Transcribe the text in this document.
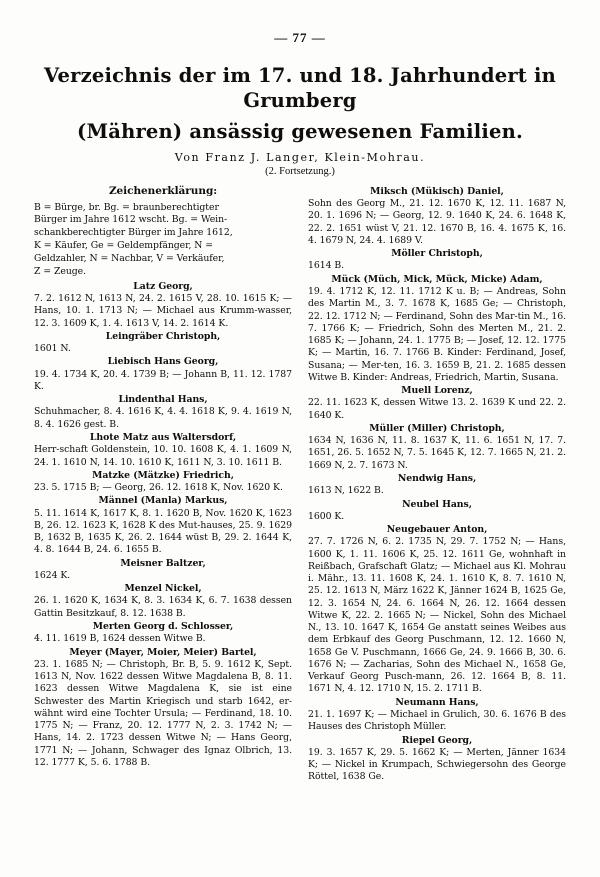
— 77 —
Verzeichnis der im 17. und 18. Jahrhundert in Grumberg
(Mähren) ansässig gewesenen Familien.
Von Franz J. Langer, Klein-Mohrau.
(2. Fortsetzung.)
Zeichenerklärung:
B = Bürge, br. Bg. = braunberechtigter
Bürger im Jahre 1612 wscht. Bg. = Wein-
schankberechtigter Bürger im Jahre 1612,
K = Käufer, Ge = Geldempfänger, N =
Geldzahler, N = Nachbar, V = Verkäufer,
Z = Zeuge.
Latz Georg,
7. 2. 1612 N, 1613 N, 24. 2. 1615 V, 28. 10. 1615 K; — Hans, 10. 1. 1713 N; — Michael aus Krumm-wasser, 12. 3. 1609 K, 1. 4. 1613 V, 14. 2. 1614 K.
Leingräber Christoph,
1601 N.
Liebisch Hans Georg,
19. 4. 1734 K, 20. 4. 1739 B; — Johann B, 11. 12. 1787 K.
Lindenthal Hans,
Schuhmacher, 8. 4. 1616 K, 4. 4. 1618 K, 9. 4. 1619 N, 8. 4. 1626 gest. B.
Lhote Matz aus Waltersdorf,
Herr-schaft Goldenstein, 10. 10. 1608 K, 4. 1. 1609 N, 24. 1. 1610 N, 14. 10. 1610 K, 1611 N, 3. 10. 1611 B.
Matzke (Mätzke) Friedrich,
23. 5. 1715 B; — Georg, 26. 12. 1618 K, Nov. 1620 K.
Männel (Manla) Markus,
5. 11. 1614 K, 1617 K, 8. 1. 1620 B, Nov. 1620 K, 1623 B, 26. 12. 1623 K, 1628 K des Mut-hauses, 25. 9. 1629 B, 1632 B, 1635 K, 26. 2. 1644 wüst B, 29. 2. 1644 K, 4. 8. 1644 B, 24. 6. 1655 B.
Meisner Baltzer,
1624 K.
Menzel Nickel,
26. 1. 1620 K, 1634 K, 8. 3. 1634 K, 6. 7. 1638 dessen Gattin Besitzkauf, 8. 12. 1638 B.
Merten Georg d. Schlosser,
4. 11. 1619 B, 1624 dessen Witwe B.
Meyer (Mayer, Moier, Meier) Bartel,
23. 1. 1685 N; — Christoph, Br. B, 5. 9. 1612 K, Sept. 1613 N, Nov. 1622 dessen Witwe Magdalena B, 8. 11. 1623 dessen Witwe Magdalena K, sie ist eine Schwester des Martin Kriegisch und starb 1642, er-wähnt wird eine Tochter Ursula; — Ferdinand, 18. 10. 1775 N; — Franz, 20. 12. 1777 N, 2. 3. 1742 N; — Hans, 14. 2. 1723 dessen Witwe N; — Hans Georg, 1771 N; — Johann, Schwager des Ignaz Olbrich, 13. 12. 1777 K, 5. 6. 1788 B.
Miksch (Mükisch) Daniel,
Sohn des Georg M., 21. 12. 1670 K, 12. 11. 1687 N, 20. 1. 1696 N; — Georg, 12. 9. 1640 K, 24. 6. 1648 K, 22. 2. 1651 wüst V, 21. 12. 1670 B, 16. 4. 1675 K, 16. 4. 1679 N, 24. 4. 1689 V.
Möller Christoph,
1614 B.
Mück (Müch, Mick, Mück, Micke) Adam,
19. 4. 1712 K, 12. 11. 1712 K u. B; — Andreas, Sohn des Martin M., 3. 7. 1678 K, 1685 Ge; — Christoph, 22. 12. 1712 N; — Ferdinand, Sohn des Mar-tin M., 16. 7. 1766 K; — Friedrich, Sohn des Merten M., 21. 2. 1685 K; — Johann, 24. 1. 1775 B; — Josef, 12. 12. 1775 K; — Martin, 16. 7. 1766 B. Kinder: Ferdinand, Josef, Susana; — Mer-ten, 16. 3. 1659 B, 21. 2. 1685 dessen Witwe B. Kinder: Andreas, Friedrich, Martin, Susana.
Muell Lorenz,
22. 11. 1623 K, dessen Witwe 13. 2. 1639 K und 22. 2. 1640 K.
Müller (Miller) Christoph,
1634 N, 1636 N, 11. 8. 1637 K, 11. 6. 1651 N, 17. 7. 1651, 26. 5. 1652 N, 7. 5. 1645 K, 12. 7. 1665 N, 21. 2. 1669 N, 2. 7. 1673 N.
Nendwig Hans,
1613 N, 1622 B.
Neubel Hans,
1600 K.
Neugebauer Anton,
27. 7. 1726 N, 6. 2. 1735 N, 29. 7. 1752 N; — Hans, 1600 K, 1. 11. 1606 K, 25. 12. 1611 Ge, wohnhaft in Reißbach, Grafschaft Glatz; — Michael aus Kl. Mohrau i. Mähr., 13. 11. 1608 K, 24. 1. 1610 K, 8. 7. 1610 N, 25. 12. 1613 N, März 1622 K, Jänner 1624 B, 1625 Ge, 12. 3. 1654 N, 24. 6. 1664 N, 26. 12. 1664 dessen Witwe K, 22. 2. 1665 N; — Nickel, Sohn des Michael N., 13. 10. 1647 K, 1654 Ge anstatt seines Weibes aus dem Erbkauf des Georg Puschmann, 12. 12. 1660 N, 1658 Ge V. Puschmann, 1666 Ge, 24. 9. 1666 B, 30. 6. 1676 N; — Zacharias, Sohn des Michael N., 1658 Ge, Verkauf Georg Pusch-mann, 26. 12. 1664 B, 8. 11. 1671 N, 4. 12. 1710 N, 15. 2. 1711 B.
Neumann Hans,
21. 1. 1697 K; — Michael in Grulich, 30. 6. 1676 B des Hauses des Christoph Müller.
Riepel Georg,
19. 3. 1657 K, 29. 5. 1662 K; — Merten, Jänner 1634 K; — Nickel in Krumpach, Schwiegersohn des George Röttel, 1638 Ge.
